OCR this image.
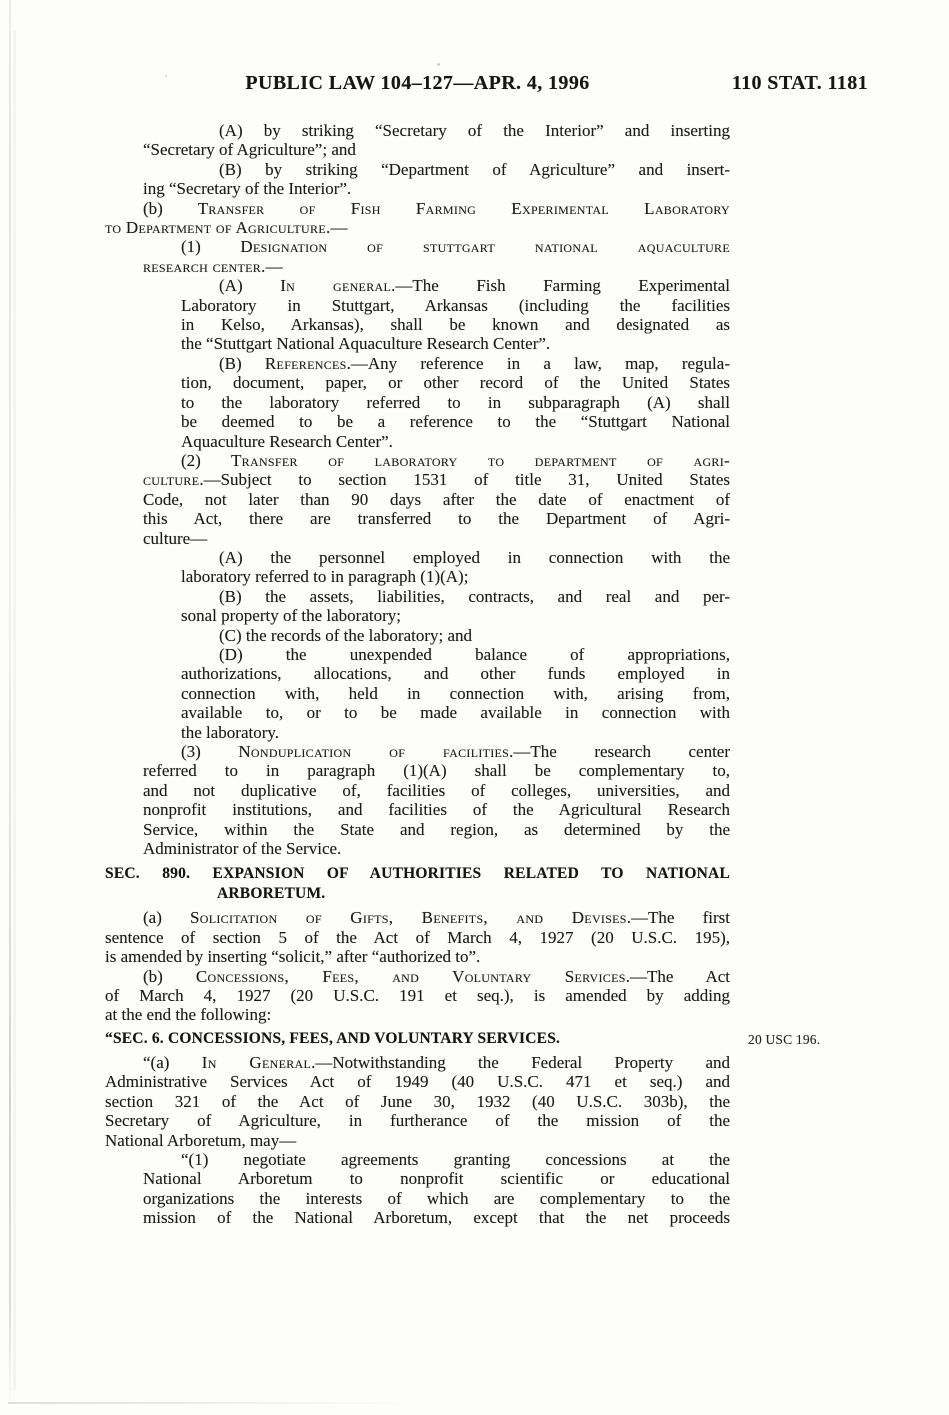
PUBLIC LAW 104–127—APR. 4, 1996	110 STAT. 1181
(A) by striking “Secretary of the Interior” and inserting
“Secretary of Agriculture”; and
(B) by striking “Department of Agriculture” and insert-
ing “Secretary of the Interior”.
(b) Transfer of Fish Farming Experimental Laboratory
to Department of Agriculture.—
(1) Designation of stuttgart national aquaculture
research center.—
(A) In general.—The Fish Farming Experimental
Laboratory in Stuttgart, Arkansas (including the facilities
in Kelso, Arkansas), shall be known and designated as
the “Stuttgart National Aquaculture Research Center”.
(B) References.—Any reference in a law, map, regula-
tion, document, paper, or other record of the United States
to the laboratory referred to in subparagraph (A) shall
be deemed to be a reference to the “Stuttgart National
Aquaculture Research Center”.
(2) Transfer of laboratory to department of agri-
culture.—Subject to section 1531 of title 31, United States
Code, not later than 90 days after the date of enactment of
this Act, there are transferred to the Department of Agri-
culture—
(A) the personnel employed in connection with the
laboratory referred to in paragraph (1)(A);
(B) the assets, liabilities, contracts, and real and per-
sonal property of the laboratory;
(C) the records of the laboratory; and
(D) the unexpended balance of appropriations,
authorizations, allocations, and other funds employed in
connection with, held in connection with, arising from,
available to, or to be made available in connection with
the laboratory.
(3) Nonduplication of facilities.—The research center
referred to in paragraph (1)(A) shall be complementary to,
and not duplicative of, facilities of colleges, universities, and
nonprofit institutions, and facilities of the Agricultural Research
Service, within the State and region, as determined by the
Administrator of the Service.
SEC. 890. EXPANSION OF AUTHORITIES RELATED TO NATIONAL
ARBORETUM.
(a) Solicitation of Gifts, Benefits, and Devises.—The first
sentence of section 5 of the Act of March 4, 1927 (20 U.S.C. 195),
is amended by inserting “solicit,” after “authorized to”.
(b) Concessions, Fees, and Voluntary Services.—The Act
of March 4, 1927 (20 U.S.C. 191 et seq.), is amended by adding
at the end the following:
“SEC. 6. CONCESSIONS, FEES, AND VOLUNTARY SERVICES.	20 USC 196.
“(a) In General.—Notwithstanding the Federal Property and
Administrative Services Act of 1949 (40 U.S.C. 471 et seq.) and
section 321 of the Act of June 30, 1932 (40 U.S.C. 303b), the
Secretary of Agriculture, in furtherance of the mission of the
National Arboretum, may—
“(1) negotiate agreements granting concessions at the
National Arboretum to nonprofit scientific or educational
organizations the interests of which are complementary to the
mission of the National Arboretum, except that the net proceeds
